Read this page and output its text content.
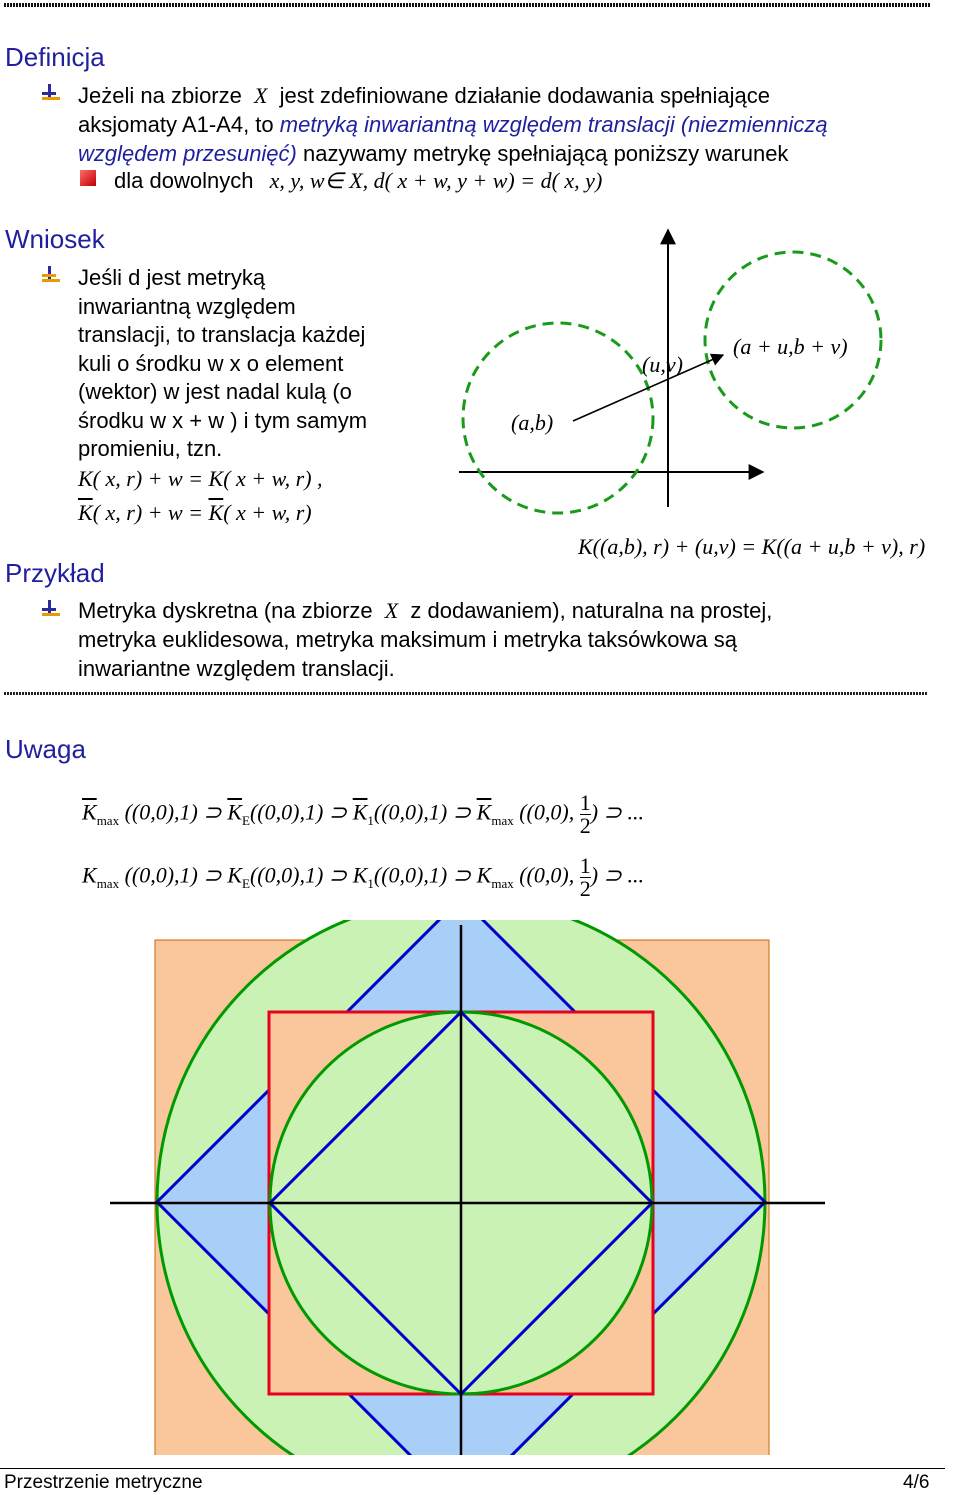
Definicja
Jeżeli na zbiorze X jest zdefiniowane działanie dodawania spełniające
aksjomaty A1-A4, to metryką inwariantną względem translacji (niezmienniczą
względem przesunięć) nazywamy metrykę spełniającą poniższy warunek
dla dowolnych x, y, w∈ X, d( x + w, y + w) = d( x, y)
Wniosek
Jeśli d jest metryką
inwariantną względem
translacji, to translacja każdej
kuli o środku w x o element
(wektor) w jest nadal kulą (o
środku w x + w ) i tym samym
promieniu, tzn.
K( x, r) + w = K( x + w, r) ,
$\overline{K}$( x, $r) + w = \overline{K}$( x + w, r)
(a,b)
(u,v)
(a + u,b + v)
K((a,b), r) + (u,v) = K((a + u,b + v), r)
Przykład
Metryka dyskretna (na zbiorze X z dodawaniem), naturalna na prostej,
metryka euklidesowa, metryka maksimum i metryka taksówkowa są
inwariantne względem translacji.
Uwaga
$\overline{K}_{max}$ ((0,0),1) ⊃ $\overline{K}_E((0,0),1)$ ⊃ $\overline{K}_1((0,0),1)$ ⊃ $\overline{K}_{max}$ ((0,0), $\frac{1}{2}$ ) ⊃ ...
$K_{max}$ ((0,0),1) ⊃ $K_E((0,0),1)$ ⊃ $K_1((0,0),1)$ ⊃ $K_{max}$ ((0,0), $\frac{1}{2}$ ) ⊃ ...
Przestrzenie metryczne	4/6
